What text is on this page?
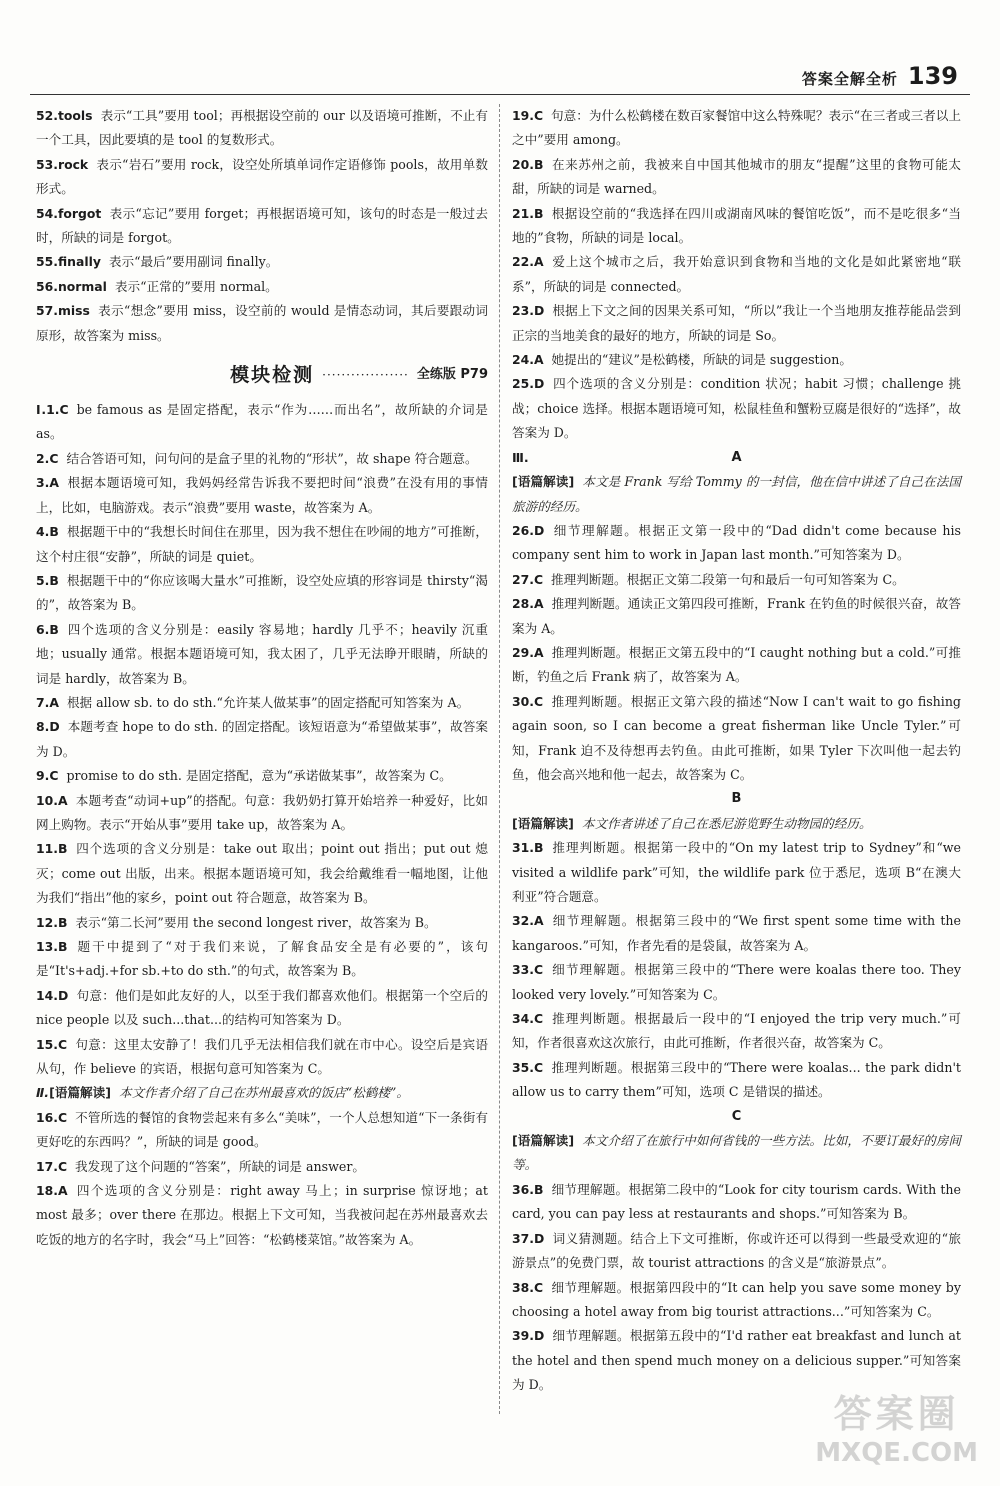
答案全解全析 139
52.tools 表示“工具”要用 tool；再根据设空前的 our 以及语境可推断，不止有一个工具，因此要填的是 tool 的复数形式。
53.rock 表示“岩石”要用 rock，设空处所填单词作定语修饰 pools，故用单数形式。
54.forgot 表示“忘记”要用 forget；再根据语境可知，该句的时态是一般过去时，所缺的词是 forgot。
55.finally 表示“最后”要用副词 finally。
56.normal 表示“正常的”要用 normal。
57.miss 表示“想念”要用 miss，设空前的 would 是情态动词，其后要跟动词原形，故答案为 miss。
模块检测 ·················· 全练版 P79
Ⅰ.1.C be famous as 是固定搭配，表示“作为……而出名”，故所缺的介词是 as。
2.C 结合答语可知，问句问的是盒子里的礼物的“形状”，故 shape 符合题意。
3.A 根据本题语境可知，我妈妈经常告诉我不要把时间“浪费”在没有用的事情上，比如，电脑游戏。表示“浪费”要用 waste，故答案为 A。
4.B 根据题干中的“我想长时间住在那里，因为我不想住在吵闹的地方”可推断，这个村庄很“安静”，所缺的词是 quiet。
5.B 根据题干中的“你应该喝大量水”可推断，设空处应填的形容词是 thirsty“渴的”，故答案为 B。
6.B 四个选项的含义分别是：easily 容易地；hardly 几乎不；heavily 沉重地；usually 通常。根据本题语境可知，我太困了，几乎无法睁开眼睛，所缺的词是 hardly，故答案为 B。
7.A 根据 allow sb. to do sth.“允许某人做某事”的固定搭配可知答案为 A。
8.D 本题考查 hope to do sth. 的固定搭配。该短语意为“希望做某事”，故答案为 D。
9.C promise to do sth. 是固定搭配，意为“承诺做某事”，故答案为 C。
10.A 本题考查“动词+up”的搭配。句意：我奶奶打算开始培养一种爱好，比如网上购物。表示“开始从事”要用 take up，故答案为 A。
11.B 四个选项的含义分别是：take out 取出；point out 指出；put out 熄灭；come out 出版，出来。根据本题语境可知，我会给戴维看一幅地图，让他为我们“指出”他的家乡，point out 符合题意，故答案为 B。
12.B 表示“第二长河”要用 the second longest river，故答案为 B。
13.B 题干中提到了“对于我们来说，了解食品安全是有必要的”，该句是“It's+adj.+for sb.+to do sth.”的句式，故答案为 B。
14.D 句意：他们是如此友好的人，以至于我们都喜欢他们。根据第一个空后的 nice people 以及 such...that...的结构可知答案为 D。
15.C 句意：这里太安静了！我们几乎无法相信我们就在市中心。设空后是宾语从句，作 believe 的宾语，根据句意可知答案为 C。
Ⅱ.[语篇解读] 本文作者介绍了自己在苏州最喜欢的饭店“松鹤楼”。
16.C 不管所选的餐馆的食物尝起来有多么“美味”，一个人总想知道“下一条街有更好吃的东西吗？”，所缺的词是 good。
17.C 我发现了这个问题的“答案”，所缺的词是 answer。
18.A 四个选项的含义分别是：right away 马上；in surprise 惊讶地；at most 最多；over there 在那边。根据上下文可知，当我被问起在苏州最喜欢去吃饭的地方的名字时，我会“马上”回答：“松鹤楼菜馆。”故答案为 A。
19.C 句意：为什么松鹤楼在数百家餐馆中这么特殊呢？表示“在三者或三者以上之中”要用 among。
20.B 在来苏州之前，我被来自中国其他城市的朋友“提醒”这里的食物可能太甜，所缺的词是 warned。
21.B 根据设空前的“我选择在四川或湖南风味的餐馆吃饭”，而不是吃很多“当地的”食物，所缺的词是 local。
22.A 爱上这个城市之后，我开始意识到食物和当地的文化是如此紧密地“联系”，所缺的词是 connected。
23.D 根据上下文之间的因果关系可知，“所以”我让一个当地朋友推荐能品尝到正宗的当地美食的最好的地方，所缺的词是 So。
24.A 她提出的“建议”是松鹤楼，所缺的词是 suggestion。
25.D 四个选项的含义分别是：condition 状况；habit 习惯；challenge 挑战；choice 选择。根据本题语境可知，松鼠桂鱼和蟹粉豆腐是很好的“选择”，故答案为 D。
Ⅲ.	A
[语篇解读] 本文是 Frank 写给 Tommy 的一封信，他在信中讲述了自己在法国旅游的经历。
26.D 细节理解题。根据正文第一段中的“Dad didn't come because his company sent him to work in Japan last month.”可知答案为 D。
27.C 推理判断题。根据正文第二段第一句和最后一句可知答案为 C。
28.A 推理判断题。通读正文第四段可推断，Frank 在钓鱼的时候很兴奋，故答案为 A。
29.A 推理判断题。根据正文第五段中的“I caught nothing but a cold.”可推断，钓鱼之后 Frank 病了，故答案为 A。
30.C 推理判断题。根据正文第六段的描述“Now I can't wait to go fishing again soon, so I can become a great fisherman like Uncle Tyler.”可知，Frank 迫不及待想再去钓鱼。由此可推断，如果 Tyler 下次叫他一起去钓鱼，他会高兴地和他一起去，故答案为 C。
B
[语篇解读] 本文作者讲述了自己在悉尼游览野生动物园的经历。
31.B 推理判断题。根据第一段中的“On my latest trip to Sydney”和“we visited a wildlife park”可知，the wildlife park 位于悉尼，选项 B“在澳大利亚”符合题意。
32.A 细节理解题。根据第三段中的“We first spent some time with the kangaroos.”可知，作者先看的是袋鼠，故答案为 A。
33.C 细节理解题。根据第三段中的“There were koalas there too. They looked very lovely.”可知答案为 C。
34.C 推理判断题。根据最后一段中的“I enjoyed the trip very much.”可知，作者很喜欢这次旅行，由此可推断，作者很兴奋，故答案为 C。
35.C 推理判断题。根据第三段中的“There were koalas... the park didn't allow us to carry them”可知，选项 C 是错误的描述。
C
[语篇解读] 本文介绍了在旅行中如何省钱的一些方法。比如，不要订最好的房间等。
36.B 细节理解题。根据第二段中的“Look for city tourism cards. With the card, you can pay less at restaurants and shops.”可知答案为 B。
37.D 词义猜测题。结合上下文可推断，你或许还可以得到一些最受欢迎的“旅游景点”的免费门票，故 tourist attractions 的含义是“旅游景点”。
38.C 细节理解题。根据第四段中的“It can help you save some money by choosing a hotel away from big tourist attractions...”可知答案为 C。
39.D 细节理解题。根据第五段中的“I'd rather eat breakfast and lunch at the hotel and then spend much money on a delicious supper.”可知答案为 D。
答案圈
MXQE.COM
